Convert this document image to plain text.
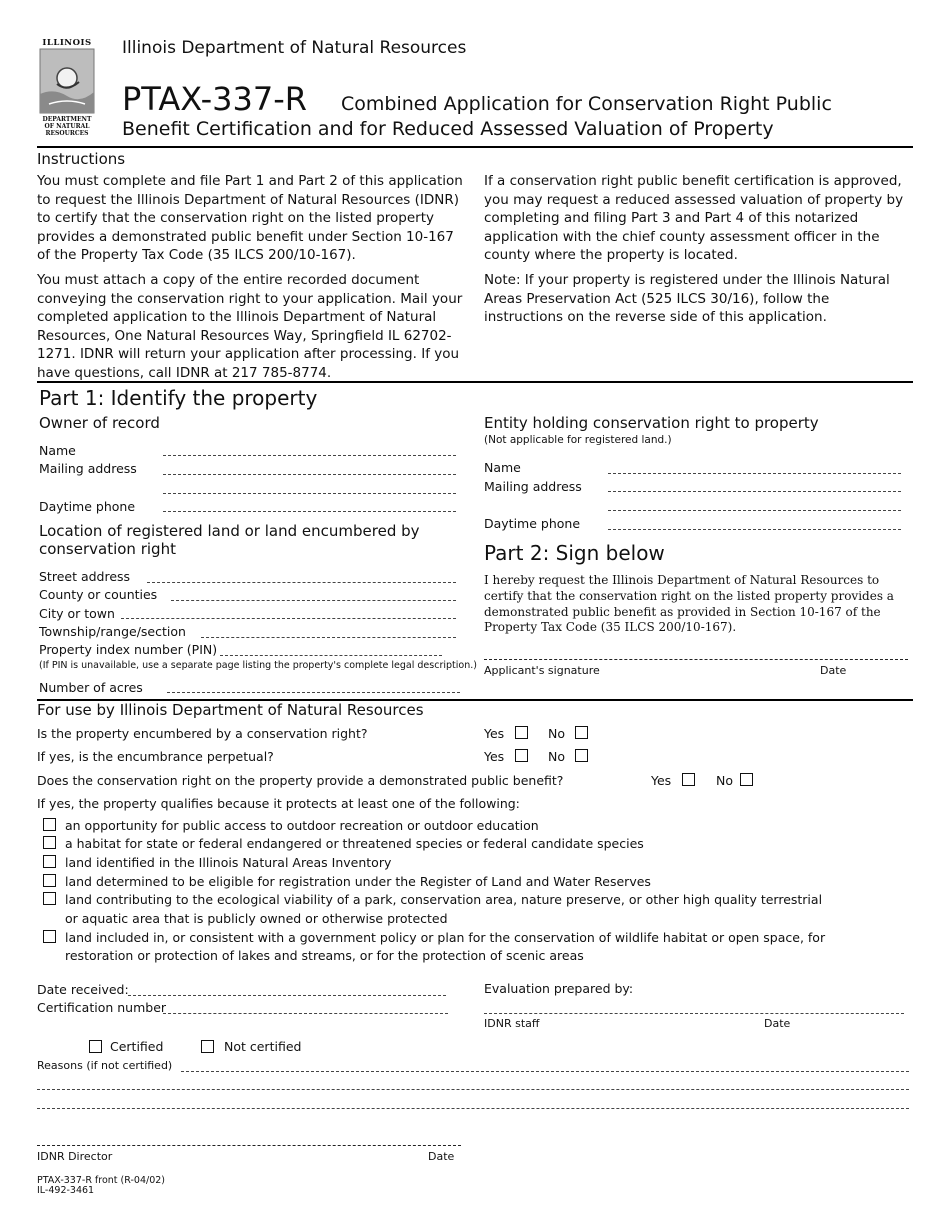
ILLINOIS
DEPARTMENT OF NATURAL RESOURCES
Illinois Department of Natural Resources
PTAX-337-R Combined Application for Conservation Right Public
Benefit Certification and for Reduced Assessed Valuation of Property
Instructions
You must complete and file Part 1 and Part 2 of this application to request the Illinois Department of Natural Resources (IDNR) to certify that the conservation right on the listed property provides a demonstrated public benefit under Section 10-167 of the Property Tax Code (35 ILCS 200/10-167).
You must attach a copy of the entire recorded document conveying the conservation right to your application. Mail your completed application to the Illinois Department of Natural Resources, One Natural Resources Way, Springfield IL 62702-1271. IDNR will return your application after processing. If you have questions, call IDNR at 217 785-8774.
If a conservation right public benefit certification is approved, you may request a reduced assessed valuation of property by completing and filing Part 3 and Part 4 of this notarized application with the chief county assessment officer in the county where the property is located.
Note: If your property is registered under the Illinois Natural Areas Preservation Act (525 ILCS 30/16), follow the instructions on the reverse side of this application.
Part 1: Identify the property
Owner of record
Name
Mailing address
Daytime phone
Location of registered land or land encumbered by conservation right
Street address
County or counties
City or town
Township/range/section
Property index number (PIN)
(If PIN is unavailable, use a separate page listing the property's complete legal description.)
Number of acres
Entity holding conservation right to property
(Not applicable for registered land.)
Name
Mailing address
Daytime phone
Part 2: Sign below
I hereby request the Illinois Department of Natural Resources to certify that the conservation right on the listed property provides a demonstrated public benefit as provided in Section 10-167 of the Property Tax Code (35 ILCS 200/10-167).
Applicant's signature	Date
For use by Illinois Department of Natural Resources
Is the property encumbered by a conservation right?	Yes	No
If yes, is the encumbrance perpetual?	Yes	No
Does the conservation right on the property provide a demonstrated public benefit?	Yes	No
If yes, the property qualifies because it protects at least one of the following:
an opportunity for public access to outdoor recreation or outdoor education
a habitat for state or federal endangered or threatened species or federal candidate species
land identified in the Illinois Natural Areas Inventory
land determined to be eligible for registration under the Register of Land and Water Reserves
land contributing to the ecological viability of a park, conservation area, nature preserve, or other high quality terrestrial
or aquatic area that is publicly owned or otherwise protected
land included in, or consistent with a government policy or plan for the conservation of wildlife habitat or open space, for
restoration or protection of lakes and streams, or for the protection of scenic areas
Date received:
Certification number
Evaluation prepared by:
IDNR staff	Date
Certified	Not certified
Reasons (if not certified)
IDNR Director	Date
PTAX-337-R front (R-04/02)
IL-492-3461
